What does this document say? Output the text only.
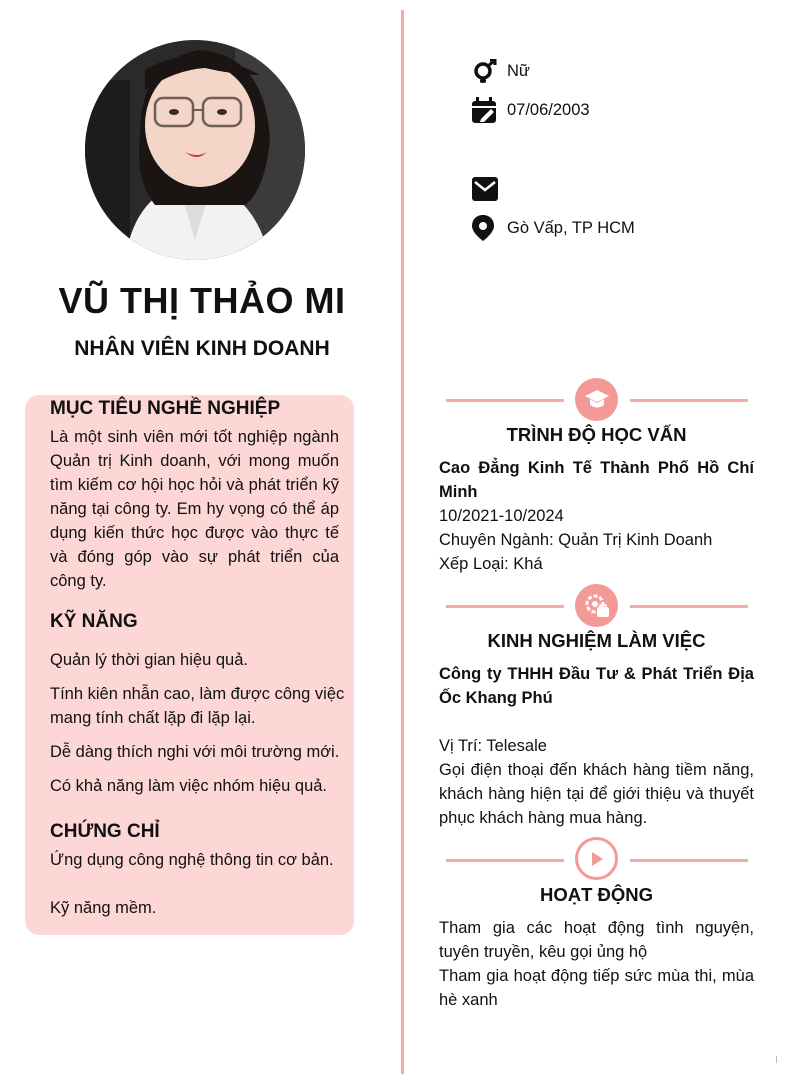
VŨ THỊ THẢO MI
NHÂN VIÊN KINH DOANH
MỤC TIÊU NGHỀ NGHIỆP
Là một sinh viên mới tốt nghiệp ngành Quản trị Kinh doanh, với mong muốn tìm kiếm cơ hội học hỏi và phát triển kỹ năng tại công ty. Em hy vọng có thể áp dụng kiến thức học được vào thực tế và đóng góp vào sự phát triển của công ty.
KỸ NĂNG
Quản lý thời gian hiệu quả.
Tính kiên nhẫn cao, làm được công việc mang tính chất lặp đi lặp lại.
Dễ dàng thích nghi với môi trường mới.
Có khả năng làm việc nhóm hiệu quả.
CHỨNG CHỈ
Ứng dụng công nghệ thông tin cơ bản.
Kỹ năng mềm.
Nữ
07/06/2003
Gò Vấp, TP HCM
TRÌNH ĐỘ HỌC VẤN
Cao Đẳng Kinh Tế Thành Phố Hồ Chí Minh
10/2021-10/2024
Chuyên Ngành: Quản Trị Kinh Doanh
Xếp Loại: Khá
KINH NGHIỆM LÀM VIỆC
Công ty THHH Đầu Tư & Phát Triển Địa Ốc Khang Phú
Vị Trí: Telesale
Gọi điện thoại đến khách hàng tiềm năng, khách hàng hiện tại để giới thiệu và thuyết phục khách hàng mua hàng.
HOẠT ĐỘNG
Tham gia các hoạt động tình nguyện, tuyên truyền, kêu gọi ủng hộ
Tham gia hoạt động tiếp sức mùa thi, mùa hè xanh
